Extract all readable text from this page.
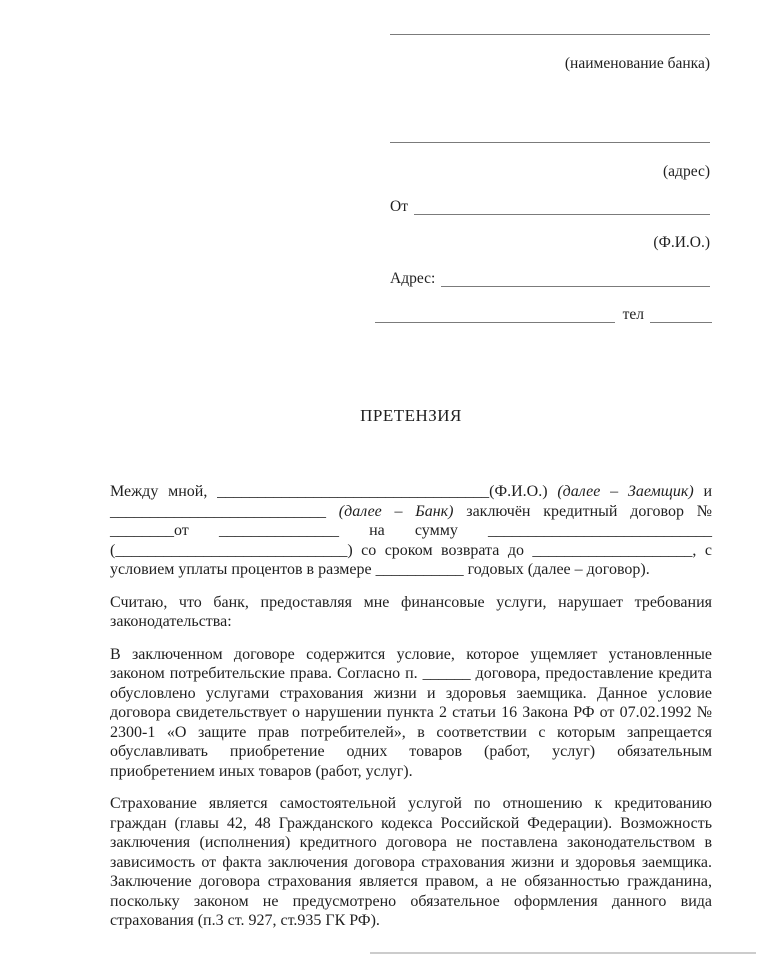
(наименование банка)
(адрес)
От
(Ф.И.О.)
Адрес:
тел
ПРЕТЕНЗИЯ

Между мной, __________________________________(Ф.И.О.) (далее – Заемщик) и ___________________________ (далее – Банк) заключён кредитный договор № ________от _______________ на сумму ____________________________ (_____________________________) со сроком возврата до ____________________, с условием уплаты процентов в размере ___________ годовых (далее – договор).

Считаю, что банк, предоставляя мне финансовые услуги, нарушает требования законодательства:

В заключенном договоре содержится условие, которое ущемляет установленные законом потребительские права. Согласно п. ______ договора, предоставление кредита обусловлено услугами страхования жизни и здоровья заемщика. Данное условие договора свидетельствует о нарушении пункта 2 статьи 16 Закона РФ от 07.02.1992 № 2300-1 «О защите прав потребителей», в соответствии с которым запрещается обуславливать приобретение одних товаров (работ, услуг) обязательным приобретением иных товаров (работ, услуг).

Страхование является самостоятельной услугой по отношению к кредитованию граждан (главы 42, 48 Гражданского кодекса Российской Федерации). Возможность заключения (исполнения) кредитного договора не поставлена законодательством в зависимость от факта заключения договора страхования жизни и здоровья заемщика. Заключение договора страхования является правом, а не обязанностью гражданина, поскольку законом не предусмотрено обязательное оформления данного вида страхования (п.3 ст. 927, ст.935 ГК РФ).
